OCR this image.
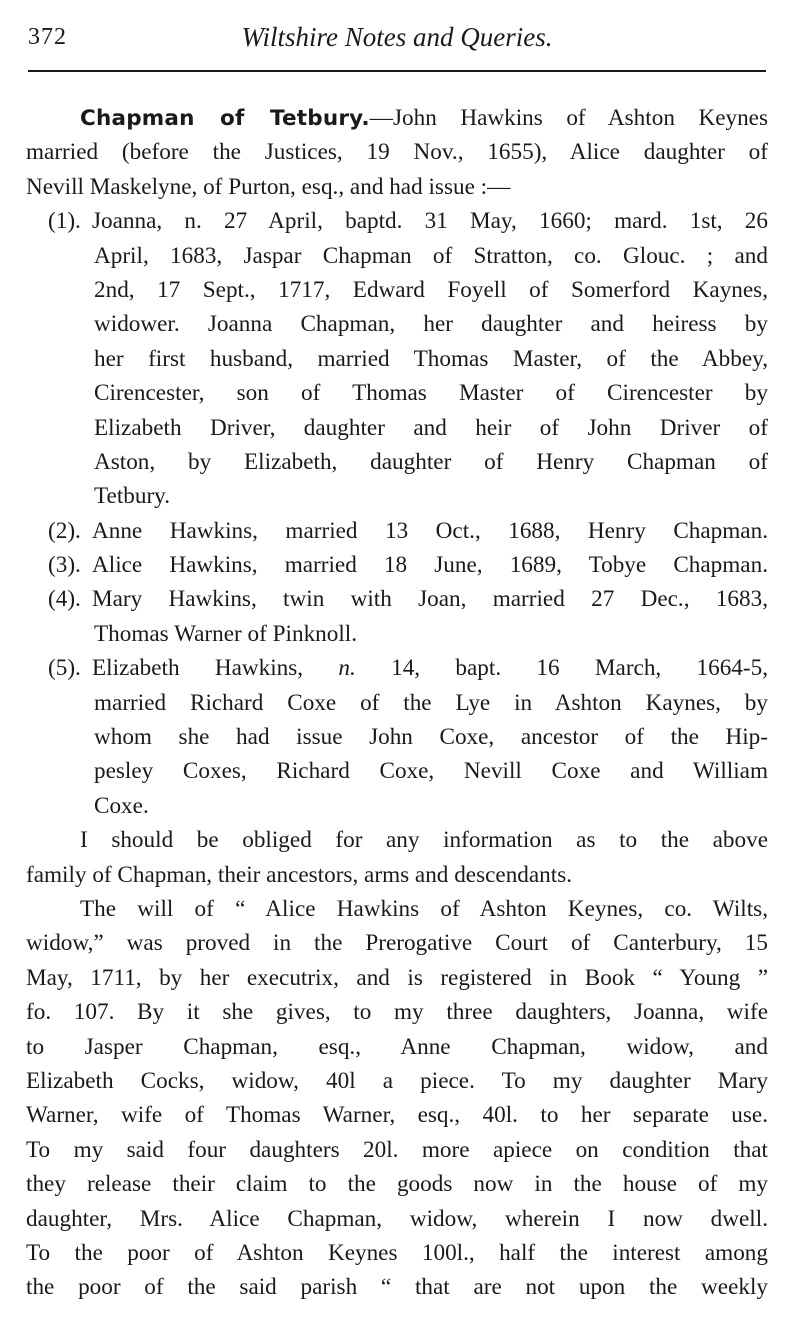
372	Wiltshire Notes and Queries.
Chapman of Tetbury.—John Hawkins of Ashton Keynes
married (before the Justices, 19 Nov., 1655), Alice daughter of
Nevill Maskelyne, of Purton, esq., and had issue :—
(1). Joanna, n. 27 April, baptd. 31 May, 1660; mard. 1st, 26
April, 1683, Jaspar Chapman of Stratton, co. Glouc. ; and
2nd, 17 Sept., 1717, Edward Foyell of Somerford Kaynes,
widower. Joanna Chapman, her daughter and heiress by
her first husband, married Thomas Master, of the Abbey,
Cirencester, son of Thomas Master of Cirencester by
Elizabeth Driver, daughter and heir of John Driver of
Aston, by Elizabeth, daughter of Henry Chapman of
Tetbury.
(2). Anne Hawkins, married 13 Oct., 1688, Henry Chapman.
(3). Alice Hawkins, married 18 June, 1689, Tobye Chapman.
(4). Mary Hawkins, twin with Joan, married 27 Dec., 1683,
Thomas Warner of Pinknoll.
(5). Elizabeth Hawkins, n. 14, bapt. 16 March, 1664-5,
married Richard Coxe of the Lye in Ashton Kaynes, by
whom she had issue John Coxe, ancestor of the Hip-
pesley Coxes, Richard Coxe, Nevill Coxe and William
Coxe.
I should be obliged for any information as to the above
family of Chapman, their ancestors, arms and descendants.
The will of “ Alice Hawkins of Ashton Keynes, co. Wilts,
widow,” was proved in the Prerogative Court of Canterbury, 15
May, 1711, by her executrix, and is registered in Book “ Young ”
fo. 107. By it she gives, to my three daughters, Joanna, wife
to Jasper Chapman, esq., Anne Chapman, widow, and
Elizabeth Cocks, widow, 40l a piece. To my daughter Mary
Warner, wife of Thomas Warner, esq., 40l. to her separate use.
To my said four daughters 20l. more apiece on condition that
they release their claim to the goods now in the house of my
daughter, Mrs. Alice Chapman, widow, wherein I now dwell.
To the poor of Ashton Keynes 100l., half the interest among
the poor of the said parish “ that are not upon the weekly
